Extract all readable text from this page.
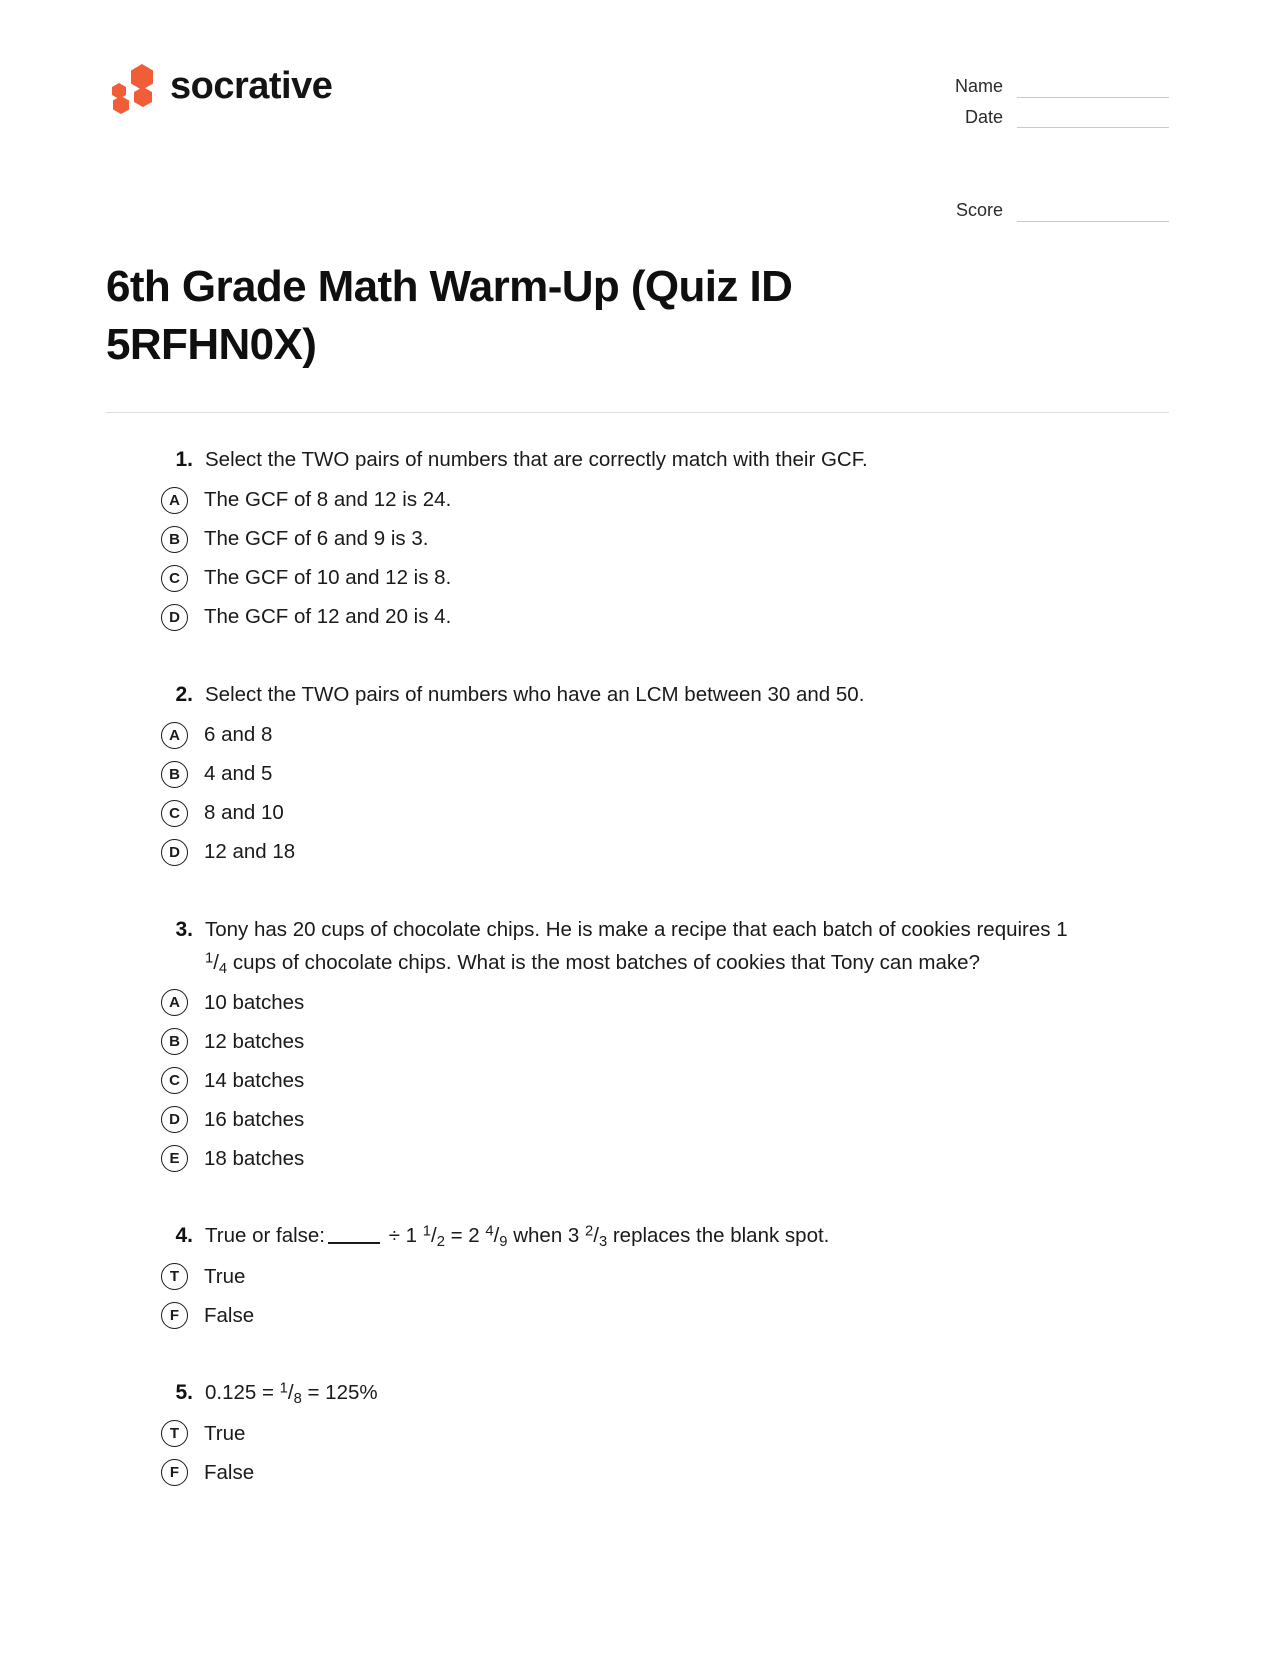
socrative	Name
Date
Score
6th Grade Math Warm-Up (Quiz ID 5RFHN0X)
1. Select the TWO pairs of numbers that are correctly match with their GCF.
A	The GCF of 8 and 12 is 24.
B	The GCF of 6 and 9 is 3.
C	The GCF of 10 and 12 is 8.
D	The GCF of 12 and 20 is 4.
2. Select the TWO pairs of numbers who have an LCM between 30 and 50.
A	6 and 8
B	4 and 5
C	8 and 10
D	12 and 18
3. Tony has 20 cups of chocolate chips. He is make a recipe that each batch of cookies requires 1 $^1/_4$ cups of chocolate chips. What is the most batches of cookies that Tony can make?
A	10 batches
B	12 batches
C	14 batches
D	16 batches
E	18 batches
4. True or false:	÷ 1 $^1/_2 = 2$ $^4/_9$ when 3 $^2/_3$ replaces the blank spot.
T	True
F	False
5. $0.125 = ^1/_8 = 125\%$
T	True
F	False
